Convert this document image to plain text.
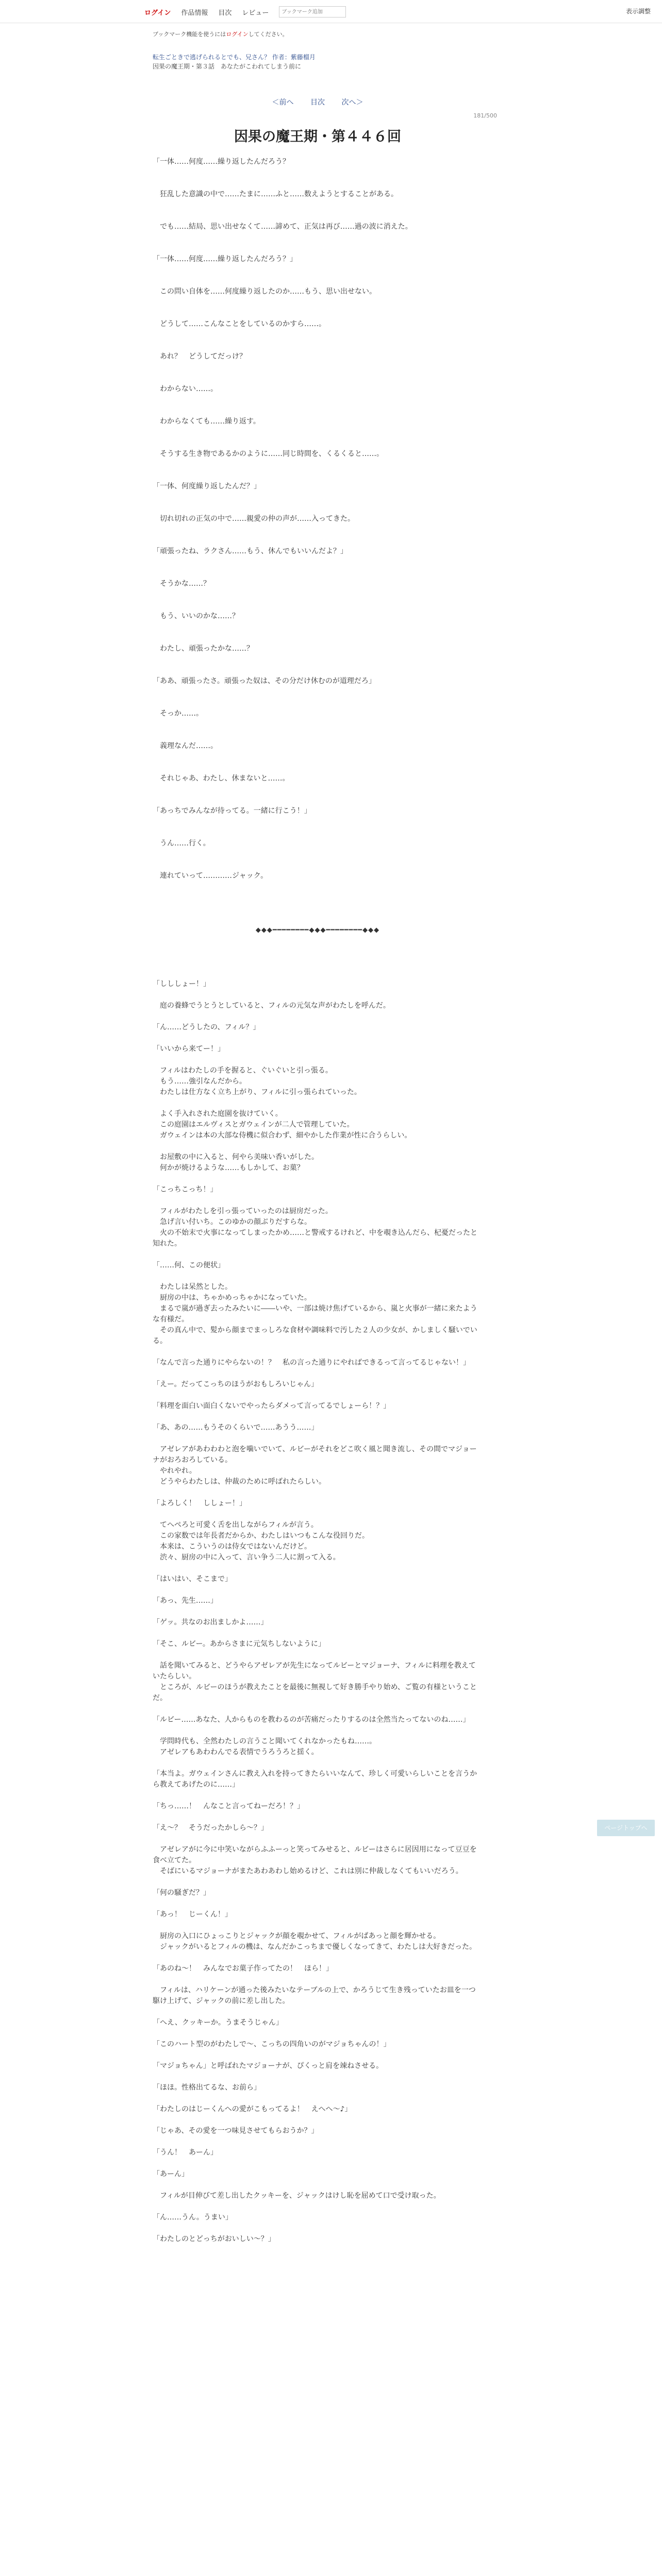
ログイン 作品情報 目次 レビュー
ブックマーク追加	表示調整
ブックマーク機能を使うにはログインしてください。
転生ごときで逃げられるとでも、兄さん？ 作者：紫藤榴月
因果の魔王期・第３話　あなたがこわれてしまう前に
＜前へ 目次 次へ＞
181/500
因果の魔王期・第４４６回

「一体……何度……繰り返したんだろう？

　狂乱した意識の中で……たまに……ふと……数えようとすることがある。

　でも……結局、思い出せなくて……諦めて、正気は再び……過の波に消えた。

「一体……何度……繰り返したんだろう？」

　この問い自体を……何度繰り返したのか……もう、思い出せない。

　どうして……こんなことをしているのかすら……。

　あれ？　どうしてだっけ？

　わからない……。

　わからなくても……繰り返す。

　そうする生き物であるかのように……同じ時間を、くるくると……。

「一体、何度繰り返したんだ？」

　切れ切れの正気の中で……親愛の仲の声が……入ってきた。

「頑張ったね、ラクさん……もう、休んでもいいんだよ？」

　そうかな……？

　もう、いいのかな……？

　わたし、頑張ったかな……？

「ああ、頑張ったさ。頑張った奴は、その分だけ休むのが道理だろ」

　そっか……。

　義理なんだ……。

　それじゃあ、わたし、休まないと……。

「あっちでみんなが待ってる。一緒に行こう！」

　うん……行く。

　連れていって…………ジャック。

◆◆◆━━━━━━━━◆◆◆━━━━━━━━◆◆◆

「しししょー！」

　庭の養蜂でうとうとしていると、フィルの元気な声がわたしを呼んだ。

「ん……どうしたの、フィル？」

「いいから来てー！」

　フィルはわたしの手を握ると、ぐいぐいと引っ張る。

　もう……強引なんだから。

　わたしは仕方なく立ち上がり、フィルに引っ張られていった。

　よく手入れされた庭園を抜けていく。

　この庭園はエルヴィスとガウェインが二人で管理していた。

　ガウェインは本の大部な侍機に似合わず、細やかした作業が性に合うらしい。

　お屋敷の中に入ると、何やら美味い香いがした。

　何かが焼けるような……もしかして、お菓？

「こっちこっち！」

　フィルがわたしを引っ張っていったのは厨房だった。

　急げ言い付いち。このゆかの顔ぶりだすらな。

　火の不始末で火事になってしまったかめ……と警戒するけれど、中を覗き込んだら、杞憂だったと知れた。

「……何、この便状」

　わたしは呆然とした。

　厨房の中は、ちゃかめっちゃかになっていた。

　まるで嵐が過ぎ去ったみたいに――いや、一部は焼け焦げているから、嵐と火事が一緒に来たような有様だ。

　その真ん中で、髪から顔までまっしろな食材や調味料で汚した２人の少女が、かしましく騒いでいる。

「なんで言った通りにやらないの！？　私の言った通りにやればできるって言ってるじゃない！」

「えー。だってこっちのほうがおもしろいじゃん」

「料理を面白い面白くないでやったらダメって言ってるでしょーら！？」

「あ、あの……もうそのくらいで……あうう……」

　アゼレアがあわわわと泡を噛いでいて、ルビーがそれをどこ吹く風と聞き流し、その間でマジョーナがおろおろしている。

　やれやれ。

　どうやらわたしは、仲裁のために呼ばれたらしい。

「よろしく！　ししょー！」

　てへぺろと可愛く舌を出しながらフィルが言う。

　この家数では年長者だからか、わたしはいつもこんな役回りだ。

　本来は、こういうのは侍女ではないんだけど。

　渋々、厨房の中に入って、言い争う二人に割って入る。

「はいはい、そこまで」

「あっ、先生……」

「ゲッ。共なのお出ましかよ……」

「そこ、ルビー。あからさまに元気ちしないように」

　話を聞いてみると、どうやらアゼレアが先生になってルビーとマジョーナ、フィルに料理を教えていたらしい。

　ところが、ルビーのほうが教えたことを最後に無視して好き勝手やり始め、ご覧の有様ということだ。

「ルビー……あなた、人からものを教わるのが苦痛だったりするのは全然当たってないのね……」

　学問時代も、全然わたしの言うこと聞いてくれなかったもね……。

　アゼレアもあわわんでる表情でうろうろと揺く。

「本当よ。ガウェインさんに教え入れを持ってきたらいいなんて、珍しく可愛いらしいことを言うから教えてあげたのに……」

「ちっ……！　んなこと言ってねーだろ！？」

「え～？　そうだったかしら～？」

　アゼレアがに今に中笑いながらふふーっと笑ってみせると、ルビーはさらに居因用になって豆豆を食べ立てた。

　そばにいるマジョーナがまたあわあわし始めるけど、これは別に仲裁しなくてもいいだろう。

「何の騒ぎだ？」

「あっ！　じーくん！」

　厨房の入口にひょっこりとジャックが顔を覗かせて、フィルがぱあっと顔を輝かせる。

　ジャックがいるとフィルの機は、なんだかこっちまで優しくなってきて、わたしは大好きだった。

「あのね～！　みんなでお菓子作ってたの！　ほら！」

　フィルは、ハリケーンが通った後みたいなテーブルの上で、かろうじて生き残っていたお皿を一つ駆け上げて、ジャックの前に差し出した。

「へえ、クッキーか。うまそうじゃん」

「このハート型のがわたしで～、こっちの四角いのがマジョちゃんの！」

「マジョちゃん」と呼ばれたマジョーナが、ぴくっと肩を竦ねさせる。

「ほほ。性格出てるな、お前ら」

「わたしのはじーくんへの愛がこもってるよ！　えへへ～♪」

「じゃあ、その愛を一つ味見させてもらおうか？」

「うん！　あーん」

「あーん」

　フィルが目伸びて差し出したクッキーを、ジャックはけし恥を屈めて口で受け取った。

「ん……うん。うまい」

「わたしのとどっちがおいしい～？」

ページトップへ
